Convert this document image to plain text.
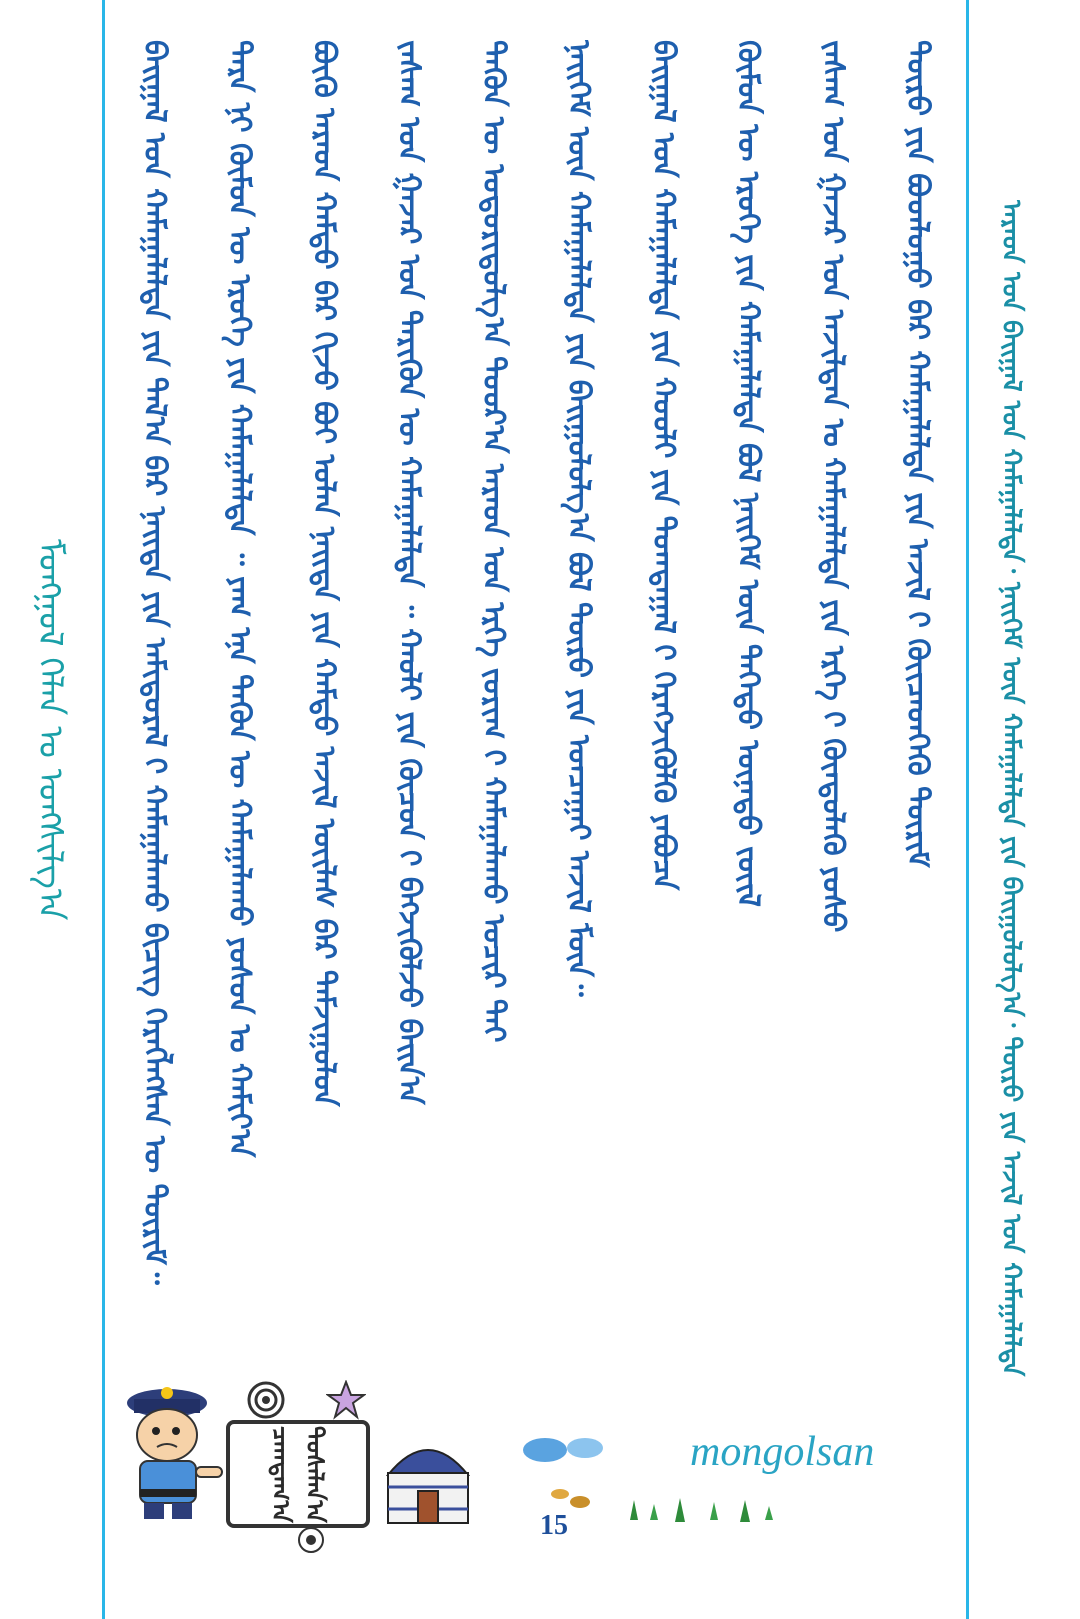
ᠮᠣᠩᠭᠣᠯ ᠬᠡᠯᠡᠨ ᠤ ᠤᠩᠰᠢᠯᠭ᠎ᠠ	ᠪᠠᠢ᠌ᠭᠠᠯ ᠤᠨ ᠬᠠᠮᠠᠭᠠᠯᠠᠯᠲᠠ ᠶᠢᠨ ᠲᠠᠯ᠎ᠠ ᠪᠠᠷ ᠨᠡᠢᠲᠡ ᠶᠢᠨ ᠠᠮᠢᠳᠤᠷᠠᠯ ᠢ᠋ ᠬᠠᠮᠠᠭᠠᠯᠠᠬᠤ ᠪᠢᠴᠢᠭ ᠬᠡᠷᠡᠭᠯᠡᠭᠰᠡᠨ ᠦ ᠳᠦᠷᠢᠮ᠃	ᠲᠡᠷᠡ ᠨᠢ ᠬᠦᠮᠦᠨ ᠦ ᠡᠷᠦᠬᠡ ᠶᠢᠨ ᠬᠠᠮᠠᠭᠠᠯᠠᠯᠲᠠ ᠃ ᠶᠠᠭ ᠡᠨᠡ ᠲᠡᠭᠦᠨ ᠦ ᠬᠠᠮᠠᠭᠠᠯᠠᠬᠤ ᠶᠤᠰᠤᠨ ᠤ ᠬᠠᠮᠢᠶ᠎ᠠ	ᠪᠦᠬᠦ ᠠᠷᠠᠳ ᠬᠠᠮᠲᠤ ᠪᠡᠷ ᠬᠢᠵᠦ ᠪᠤᠢ ᠣᠯᠠᠨ ᠨᠡᠢᠲᠡ ᠶᠢᠨ ᠬᠠᠮᠲᠤ ᠠᠵᠢᠯ ᠦᠢᠯᠡᠰ ᠪᠠᠷ ᠳᠠᠮᠵᠢᠭᠤᠯᠤᠨ	ᠵᠠᠰᠠᠭ ᠤᠨ ᠭᠠᠵᠠᠷ ᠤᠨ ᠲᠡᠷᠢᠭᠦᠨ ᠦ ᠬᠠᠮᠠᠭᠠᠯᠠᠯᠲᠠ ᠃ ᠬᠠᠤᠯᠢ ᠶᠢᠨ ᠬᠦᠴᠦᠨ ᠢ᠋ ᠪᠡᠬᠵᠢᠭᠦᠯᠵᠦ ᠪᠠᠢ᠌ᠨ᠎ᠠ	ᠲᠡᠭᠦᠨ ᠦ ᠤᠳᠤᠷᠢᠳᠤᠯᠭ᠎ᠠ ᠳᠣᠣᠷ᠎ᠠ ᠠᠷᠠᠳ ᠤᠨ ᠡᠷᠬᠡ ᠵᠣᠷᠢᠭ ᠢ᠋ ᠬᠠᠮᠠᠭᠠᠯᠠᠬᠤ ᠤᠴᠢᠷ ᠲᠠᠢ	ᠨᠡᠢᠭᠡᠮ ᠦᠨ ᠬᠠᠮᠠᠭᠠᠯᠠᠯᠲᠠ ᠶᠢᠨ ᠪᠠᠢ᠌ᠭᠤᠯᠤᠯᠭ᠎ᠠ ᠪᠣᠯ ᠲᠦᠷᠦ ᠶᠢᠨ ᠣᠨᠴᠠᠭᠠᠢ ᠠᠵᠢᠯ ᠮᠥᠨ᠃	ᠪᠠᠢ᠌ᠭᠠᠯ ᠤᠨ ᠬᠠᠮᠠᠭᠠᠯᠠᠯᠲᠠ ᠶᠢᠨ ᠬᠤᠤᠯᠢ ᠶᠢᠨ ᠲᠣᠭᠲᠠᠭᠠᠯ ᠢ᠋ ᠬᠡᠷᠡᠭᠵᠢᠭᠦᠯᠬᠦ ᠶᠠᠪᠤᠴᠠ	ᠬᠦᠮᠦᠨ ᠦ ᠡᠷᠦᠬᠡ ᠶᠢᠨ ᠬᠠᠮᠠᠭᠠᠯᠠᠯᠲᠠ ᠪᠤᠯ ᠨᠡᠢᠭᠡᠮ ᠦᠨ ᠳᠡᠭᠡᠳᠦ ᠦᠨᠡᠲᠦ ᠵᠦᠢᠯ	ᠵᠠᠰᠠᠭ ᠤᠨ ᠭᠠᠵᠠᠷ ᠤᠨ ᠠᠵᠢᠯᠲᠠᠨ ᠤ ᠬᠠᠮᠠᠭᠠᠯᠠᠯᠲᠠ ᠶᠢᠨ ᠡᠷᠬᠡ ᠢ᠋ ᠬᠦᠨᠳᠦᠯᠡᠬᠦ ᠶᠣᠰᠣ	ᠲᠦᠷᠦ ᠶᠢᠨ ᠪᠣᠳᠯᠣᠭᠣ ᠪᠠᠷ ᠬᠠᠮᠠᠭᠠᠯᠠᠯᠲᠠ ᠶᠢᠨ ᠠᠵᠢᠯ ᠢ᠋ ᠭᠦᠢᠴᠡᠳᠬᠡᠬᠦ ᠳᠦᠷᠢᠮ	ᠠᠷᠠᠳ ᠤᠨ ᠪᠠᠢ᠌ᠭᠠᠯ ᠤᠨ ᠬᠠᠮᠠᠭᠠᠯᠠᠯᠲᠠ᠂ ᠨᠡᠢᠭᠡᠮ ᠦᠨ ᠬᠠᠮᠠᠭᠠᠯᠠᠯᠲᠠ ᠶᠢᠨ ᠪᠠᠢ᠌ᠭᠤᠯᠤᠯᠭ᠎ᠠ᠂ ᠲᠦᠷᠦ ᠶᠢᠨ ᠠᠵᠢᠯ ᠤᠨ ᠬᠠᠮᠠᠭᠠᠯᠠᠯᠲᠠ
ᠴᠠᠭᠳᠠᠭ᠎ᠠ
ᠲᠤᠰᠠᠯᠠᠨ᠎ᠠ
15
mongolsan
